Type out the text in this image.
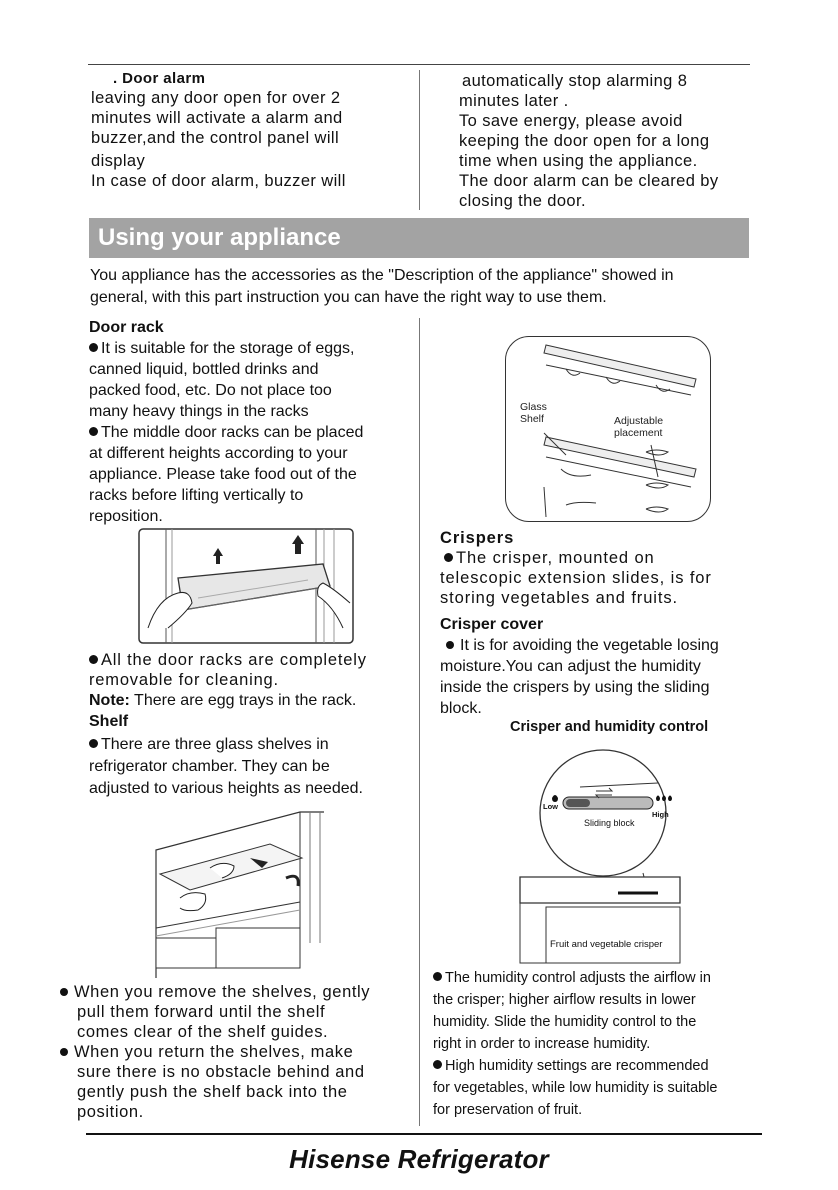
. Door alarm
leaving any door open for over 2
minutes will activate a alarm and
buzzer,and the control panel will
display
In case of door alarm, buzzer will
automatically stop alarming 8
minutes later .
To save energy, please avoid
keeping the door open for a long
time when using the appliance.
The door alarm can be cleared by
closing the door.
Using your appliance
You appliance has the accessories as the "Description of the appliance" showed in
general, with this part instruction you can have the right way to use them.
Door rack
It is suitable for the storage of eggs,
canned liquid, bottled drinks and
packed food, etc. Do not place too
many heavy things in the racks
The middle door racks can be placed
at different heights according to your
appliance. Please take food out of the
racks before lifting vertically to
reposition.
All the door racks are completely
removable for cleaning.
Note: There are egg trays in the rack.
Shelf
There are three glass shelves in
refrigerator chamber. They can be
adjusted to various heights as needed.
When you remove the shelves, gently
pull them forward until the shelf
comes clear of the shelf guides.
When you return the shelves, make
sure there is no obstacle behind and
gently push the shelf back into the
position.
Glass
Shelf	Adjustable
placement
Crispers
The crisper, mounted on
telescopic extension slides, is for
storing vegetables and fruits.
Crisper cover
It is for avoiding the vegetable losing
moisture.You can adjust the humidity
inside the crispers by using the sliding
block.
Crisper and humidity control
Low
High
Sliding block
Fruit and vegetable crisper
The humidity control adjusts the airflow in
the crisper; higher airflow results in lower
humidity. Slide the humidity control to the
right in order to increase humidity.
High humidity settings are recommended
for vegetables, while low humidity is suitable
for preservation of fruit.
Hisense Refrigerator
